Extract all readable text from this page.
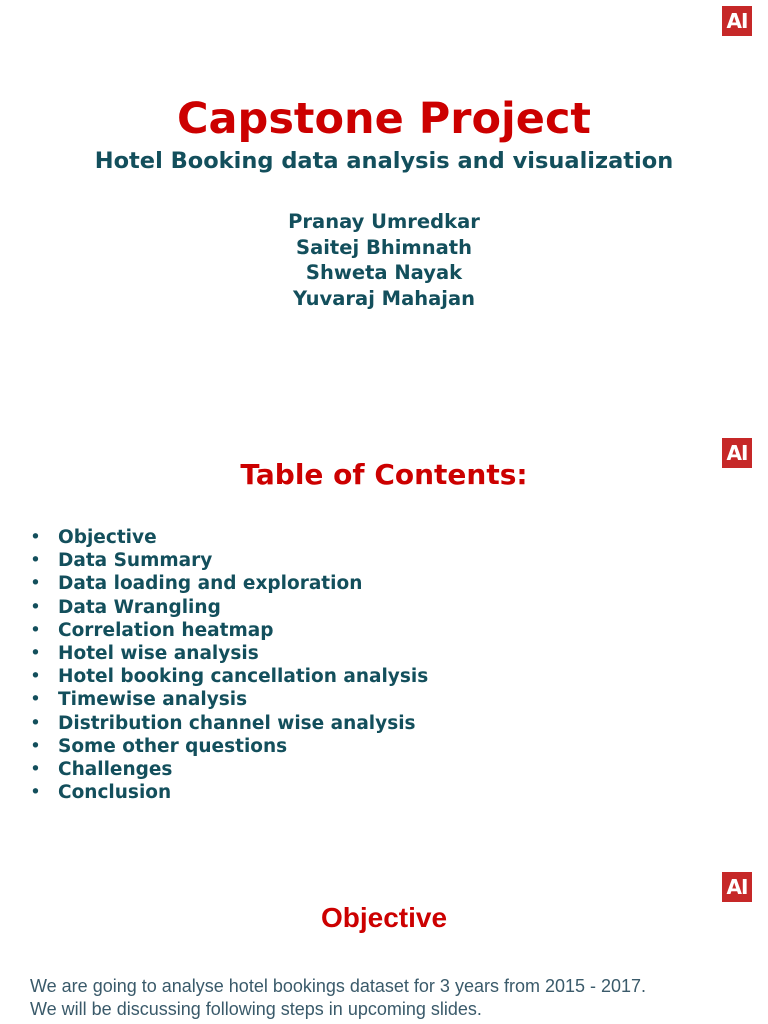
AI
Capstone Project
Hotel Booking data analysis and visualization
Pranay Umredkar
Saitej Bhimnath
Shweta Nayak
Yuvaraj Mahajan
AI
Table of Contents:
• Objective
• Data Summary
• Data loading and exploration
• Data Wrangling
• Correlation heatmap
• Hotel wise analysis
• Hotel booking cancellation analysis
• Timewise analysis
• Distribution channel wise analysis
• Some other questions
• Challenges
• Conclusion
AI
Objective

We are going to analyse hotel bookings dataset for 3 years from 2015 - 2017.
We will be discussing following steps in upcoming slides.
